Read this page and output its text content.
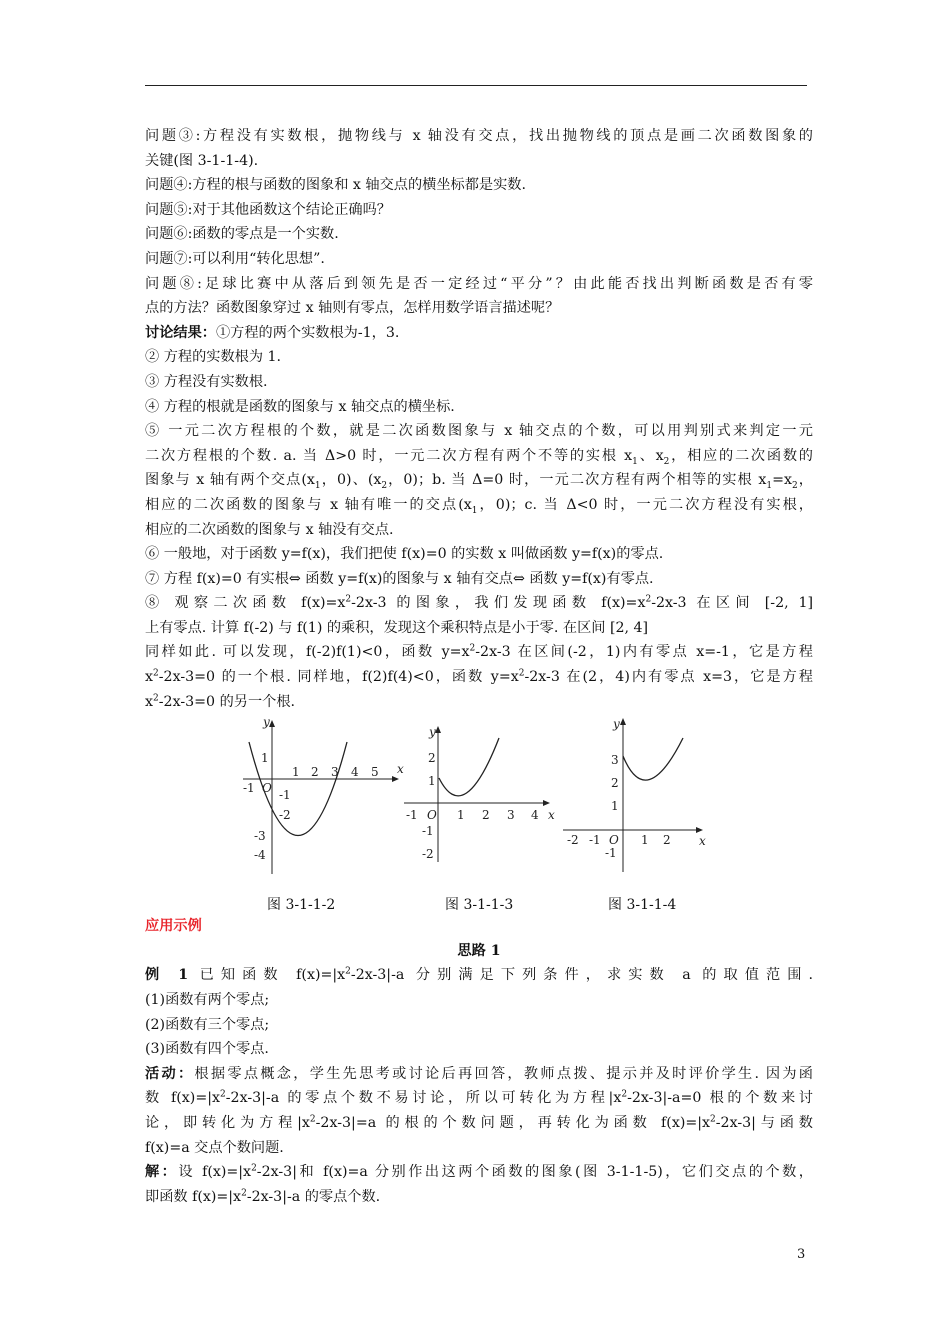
问题③:方程没有实数根，抛物线与 x 轴没有交点，找出抛物线的顶点是画二次函数图象的

关键(图 3-1-1-4).

问题④:方程的根与函数的图象和 x 轴交点的横坐标都是实数.

问题⑤:对于其他函数这个结论正确吗？

问题⑥:函数的零点是一个实数.

问题⑦:可以利用“转化思想”.

问题⑧:足球比赛中从落后到领先是否一定经过“平分”？由此能否找出判断函数是否有零

点的方法？函数图象穿过 x 轴则有零点，怎样用数学语言描述呢？

讨论结果：①方程的两个实数根为-1，3.

② 方程的实数根为 1.

③ 方程没有实数根.

④ 方程的根就是函数的图象与 x 轴交点的横坐标.

⑤ 一元二次方程根的个数，就是二次函数图象与 x 轴交点的个数，可以用判别式来判定一元

二次方程根的个数. a. 当 Δ>0 时，一元二次方程有两个不等的实根 $x_1$、$x_2$，相应的二次函数的

图象与 x 轴有两个交点($x_1$，0)、($x_2$，0)；b. 当 Δ=0 时，一元二次方程有两个相等的实根 $x_1=x_2$，

相应的二次函数的图象与 x 轴有唯一的交点($x_1$，0)；c. 当 Δ<0 时，一元二次方程没有实根，

相应的二次函数的图象与 x 轴没有交点.

⑥ 一般地，对于函数 y=f(x)，我们把使 f(x)=0 的实数 x 叫做函数 y=f(x)的零点.

⑦ 方程 f(x)=0 有实根⇔ 函数 y=f(x)的图象与 x 轴有交点⇔ 函数 y=f(x)有零点.

⑧ 观察二次函数 $f(x)=x^2-2x-3$ 的图象，我们发现函数 $f(x)=x^2-2x-3$ 在区间 [-2, 1]

上有零点. 计算 f(-2) 与 f(1) 的乘积，发现这个乘积特点是小于零. 在区间 [2, 4]

同样如此. 可以发现，f(-2)f(1)<0，函数 $y=x^2-2x-3$ 在区间(-2，1)内有零点 x=-1，它是方程

$x^2-2x-3=0$ 的一个根. 同样地，f(2)f(4)<0，函数 $y=x^2-2x-3$ 在(2，4)内有零点 x=3，它是方程

$x^2-2x-3=0$ 的另一个根.

y
x
O
-1
1 2 3 4 5
1
-1
-2
-3
-4
图 3-1-1-2
y
x
O
-1	1 2 3 4
2
1
-1
-2
图 3-1-1-3
y
x
O
-2 -1	1 2
3
2
1
-1
图 3-1-1-4

应用示例

思路 1

例 1 已知函数 $f(x)=|x^2-2x-3|-a$ 分别满足下列条件，求实数 a 的取值范围.

(1)函数有两个零点;

(2)函数有三个零点;

(3)函数有四个零点.

活动：根据零点概念，学生先思考或讨论后再回答，教师点拨、提示并及时评价学生. 因为函

数 $f(x)=|x^2-2x-3|-a$ 的零点个数不易讨论，所以可转化为方程$|x^2-2x-3|-a=0$ 根的个数来讨

论，即转化为方程$|x^2-2x-3|=a$ 的根的个数问题，再转化为函数 $f(x)=|x^2-2x-3|$与函数

f(x)=a 交点个数问题.

解：设 $f(x)=|x^2-2x-3|$和 f(x)=a 分别作出这两个函数的图象(图 3-1-1-5)，它们交点的个数，

即函数 $f(x)=|x^2-2x-3|-a$ 的零点个数.

3
